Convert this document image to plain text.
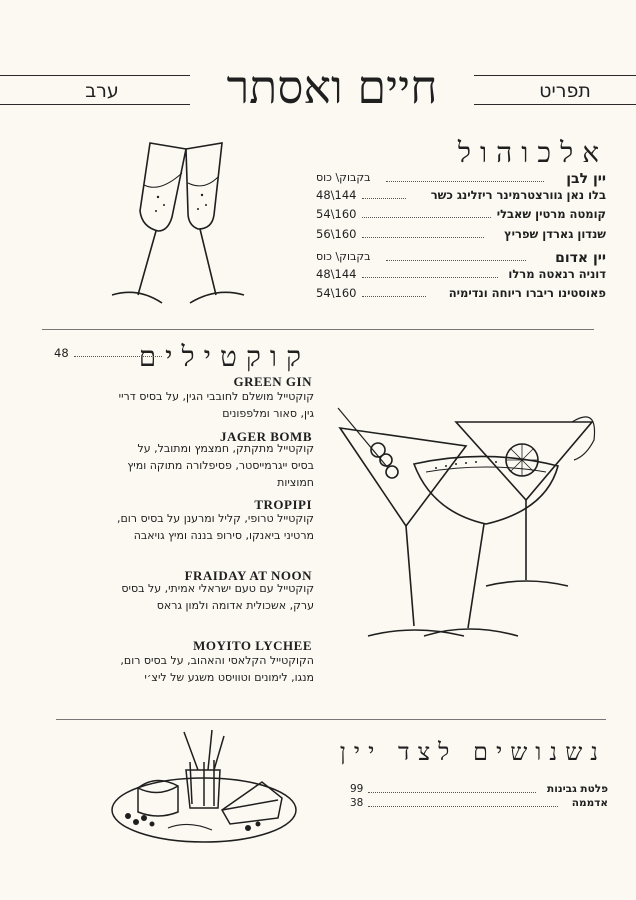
חיים ואסתר
ערב	תפריט
אלכוהול
יין לבן
בקבוק\ כוס
בלו נאן גוורצטרמינר ריזלינג כשר
48\144
קומטה מרטין שאבלי
54\160
שנדון גארדן שפריץ
56\160
יין אדום
בקבוק\ כוס
דוניה רנאטה מרלו
48\144
פאוסטינו ריברו ריוחה ונדימיה
54\160
קוקטילים
48
GREEN GIN
קוקטייל מושלם לחובבי הגין, על בסיס דריי גין, סאור ומלפפונים
JAGER BOMB
קוקטייל מתקתק, חמצמץ ומתובל, על בסיס ייגרמייסטר, פסיפלורה מתוקה ומיץ חמוציות
TROPIPI
קוקטייל טרופי, קליל ומרענן על בסיס רום, מרטיני ביאנקו, סירופ בננה ומיץ גויאבה
FRAIDAY AT NOON
קוקטייל עם טעם ישראלי אמיתי, על בסיס ערק, אשכולית אדומה ולמון גראס
MOYITO LYCHEE
הקוקטייל הקלאסי והאהוב, על בסיס רום, מנגו, לימונים וטוויסט משגע של ליצ׳י
נשנושים לצד יין
פלטת גבינות
99
אדממה
38
